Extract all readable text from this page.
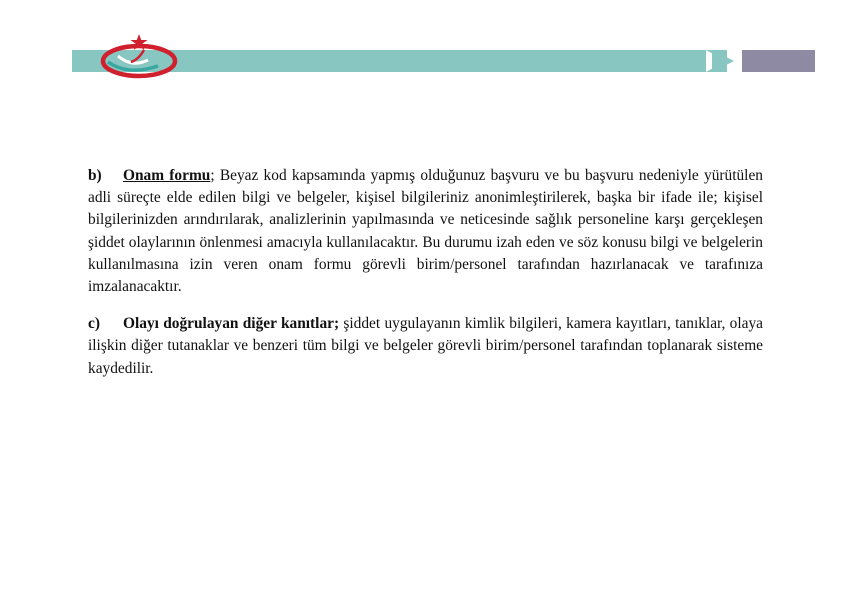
b) Onam formu; Beyaz kod kapsamında yapmış olduğunuz başvuru ve bu başvuru nedeniyle yürütülen adli süreçte elde edilen bilgi ve belgeler, kişisel bilgileriniz anonimleştirilerek, başka bir ifade ile; kişisel bilgilerinizden arındırılarak, analizlerinin yapılmasında ve neticesinde sağlık personeline karşı gerçekleşen şiddet olaylarının önlenmesi amacıyla kullanılacaktır. Bu durumu izah eden ve söz konusu bilgi ve belgelerin kullanılmasına izin veren onam formu görevli birim/personel tarafından hazırlanacak ve tarafınıza imzalanacaktır.

c) Olayı doğrulayan diğer kanıtlar; şiddet uygulayanın kimlik bilgileri, kamera kayıtları, tanıklar, olaya ilişkin diğer tutanaklar ve benzeri tüm bilgi ve belgeler görevli birim/personel tarafından toplanarak sisteme kaydedilir.
